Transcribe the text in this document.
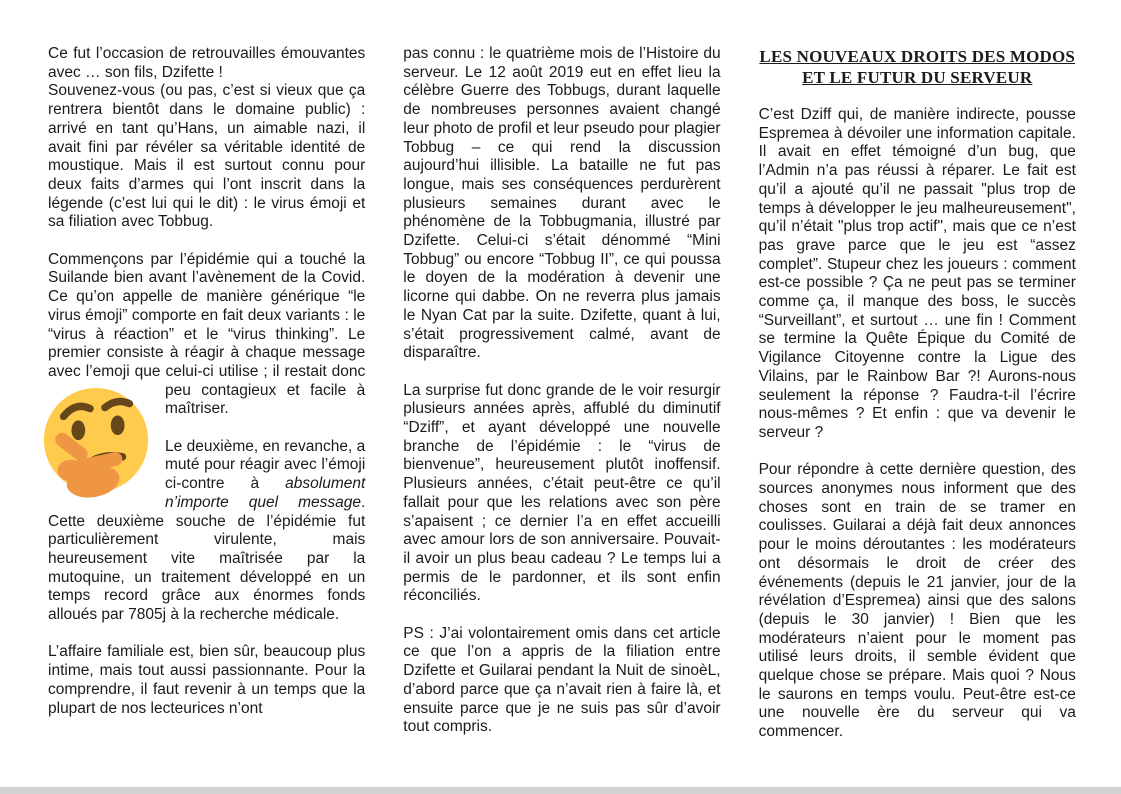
Ce fut l’occasion de retrouvailles émouvantes avec … son fils, Dzifette !
Souvenez-vous (ou pas, c’est si vieux que ça rentrera bientôt dans le domaine public) : arrivé en tant qu’Hans, un aimable nazi, il avait fini par révéler sa véritable identité de moustique. Mais il est surtout connu pour deux faits d’armes qui l’ont inscrit dans la légende (c’est lui qui le dit) : le virus émoji et sa filiation avec Tobbug.

Commençons par l’épidémie qui a touché la Suilande bien avant l’avènement de la Covid. Ce qu’on appelle de manière générique “le virus émoji” comporte en fait deux variants : le “virus à réaction” et le “virus thinking”. Le premier consiste à réagir à chaque message avec l’emoji que celui-ci utilise ; il restait donc peu contagieux et facile à maîtriser.

Le deuxième, en revanche, a muté pour réagir avec l’émoji ci-contre à absolument n’importe quel message. Cette deuxième souche de l’épidémie fut particulièrement virulente, mais heureusement vite maîtrisée par la mutoquine, un traitement développé en un temps record grâce aux énormes fonds alloués par 7805j à la recherche médicale.

L’affaire familiale est, bien sûr, beaucoup plus intime, mais tout aussi passionnante. Pour la comprendre, il faut revenir à un temps que la plupart de nos lecteurices n’ont

pas connu : le quatrième mois de l’Histoire du serveur. Le 12 août 2019 eut en effet lieu la célèbre Guerre des Tobbugs, durant laquelle de nombreuses personnes avaient changé leur photo de profil et leur pseudo pour plagier Tobbug – ce qui rend la discussion aujourd’hui illisible. La bataille ne fut pas longue, mais ses conséquences perdurèrent plusieurs semaines durant avec le phénomène de la Tobbugmania, illustré par Dzifette. Celui-ci s’était dénommé “Mini Tobbug” ou encore “Tobbug II”, ce qui poussa le doyen de la modération à devenir une licorne qui dabbe. On ne reverra plus jamais le Nyan Cat par la suite. Dzifette, quant à lui, s’était progressivement calmé, avant de disparaître.

La surprise fut donc grande de le voir resurgir plusieurs années après, affublé du diminutif “Dziff”, et ayant développé une nouvelle branche de l’épidémie : le “virus de bienvenue”, heureusement plutôt inoffensif. Plusieurs années, c’était peut-être ce qu’il fallait pour que les relations avec son père s’apaisent ; ce dernier l’a en effet accueilli avec amour lors de son anniversaire. Pouvait-il avoir un plus beau cadeau ? Le temps lui a permis de le pardonner, et ils sont enfin réconciliés.

PS : J’ai volontairement omis dans cet article ce que l’on a appris de la filiation entre Dzifette et Guilarai pendant la Nuit de sinoèL, d’abord parce que ça n’avait rien à faire là, et ensuite parce que je ne suis pas sûr d’avoir tout compris.

LES NOUVEAUX DROITS DES MODOS
ET LE FUTUR DU SERVEUR

C’est Dziff qui, de manière indirecte, pousse Espremea à dévoiler une information capitale. Il avait en effet témoigné d’un bug, que l’Admin n’a pas réussi à réparer. Le fait est qu’il a ajouté qu’il ne passait "plus trop de temps à développer le jeu malheureusement", qu’il n’était "plus trop actif", mais que ce n’est pas grave parce que le jeu est “assez complet”. Stupeur chez les joueurs : comment est-ce possible ? Ça ne peut pas se terminer comme ça, il manque des boss, le succès “Surveillant”, et surtout … une fin ! Comment se termine la Quête Épique du Comité de Vigilance Citoyenne contre la Ligue des Vilains, par le Rainbow Bar ?! Aurons-nous seulement la réponse ? Faudra-t-il l’écrire nous-mêmes ? Et enfin : que va devenir le serveur ?

Pour répondre à cette dernière question, des sources anonymes nous informent que des choses sont en train de se tramer en coulisses. Guilarai a déjà fait deux annonces pour le moins déroutantes : les modérateurs ont désormais le droit de créer des événements (depuis le 21 janvier, jour de la révélation d’Espremea) ainsi que des salons (depuis le 30 janvier) ! Bien que les modérateurs n’aient pour le moment pas utilisé leurs droits, il semble évident que quelque chose se prépare. Mais quoi ? Nous le saurons en temps voulu. Peut-être est-ce une nouvelle ère du serveur qui va commencer.
